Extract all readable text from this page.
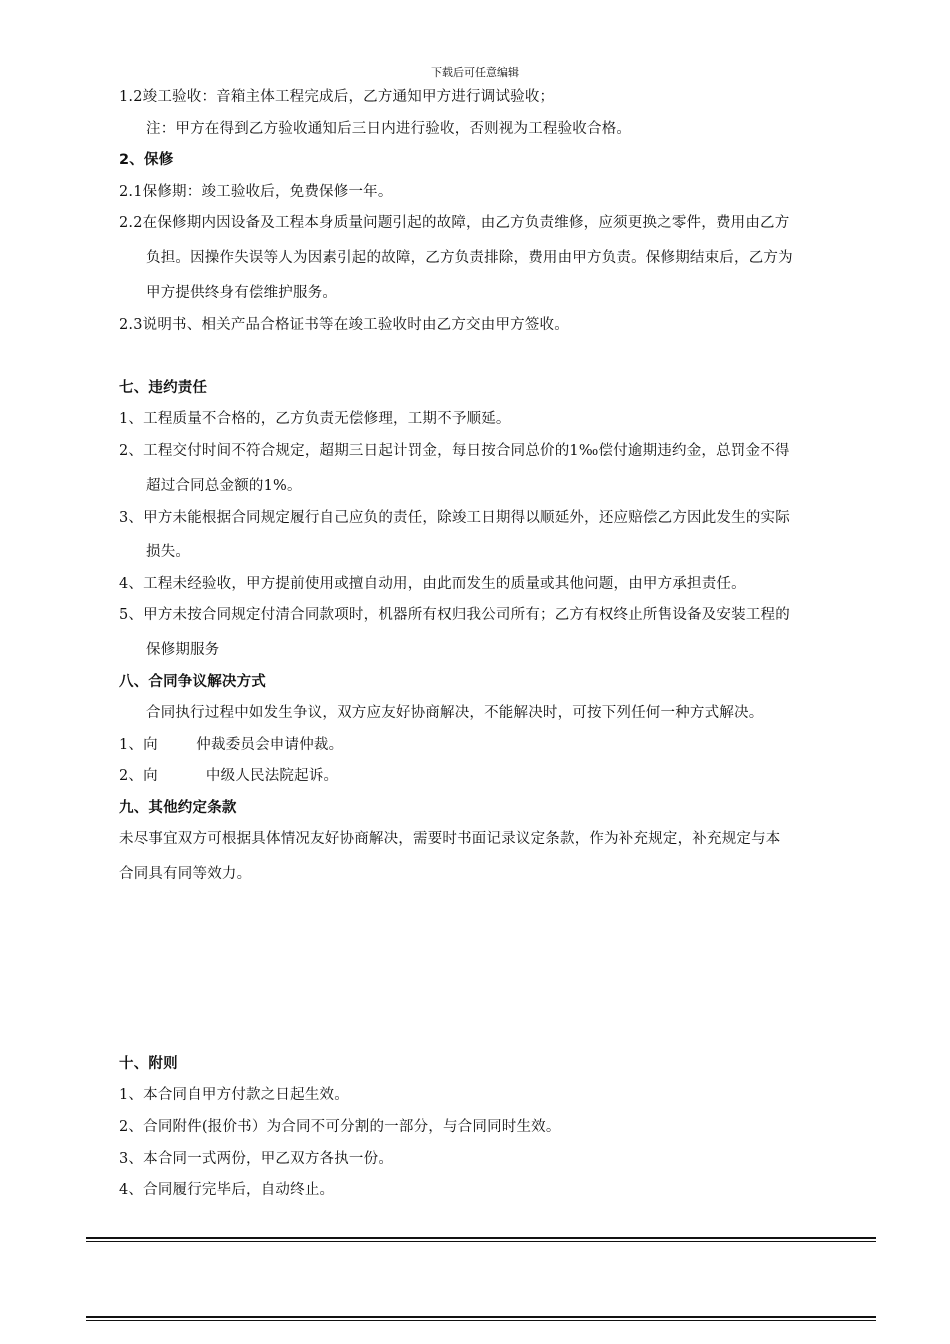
下载后可任意编辑
1.2竣工验收：音箱主体工程完成后，乙方通知甲方进行调试验收；
注：甲方在得到乙方验收通知后三日内进行验收，否则视为工程验收合格。
2、保修
2.1保修期：竣工验收后，免费保修一年。
2.2在保修期内因设备及工程本身质量问题引起的故障，由乙方负责维修，应须更换之零件，费用由乙方
负担。因操作失误等人为因素引起的故障，乙方负责排除，费用由甲方负责。保修期结束后，乙方为
甲方提供终身有偿维护服务。
2.3说明书、相关产品合格证书等在竣工验收时由乙方交由甲方签收。
七、违约责任
1、工程质量不合格的，乙方负责无偿修理，工期不予顺延。
2、工程交付时间不符合规定，超期三日起计罚金，每日按合同总价的1‰偿付逾期违约金，总罚金不得
超过合同总金额的1%。
3、甲方未能根据合同规定履行自己应负的责任，除竣工日期得以顺延外，还应赔偿乙方因此发生的实际
损失。
4、工程未经验收，甲方提前使用或擅自动用，由此而发生的质量或其他问题，由甲方承担责任。
5、甲方未按合同规定付清合同款项时，机器所有权归我公司所有；乙方有权终止所售设备及安装工程的
保修期服务
八、合同争议解决方式
合同执行过程中如发生争议，双方应友好协商解决，不能解决时，可按下列任何一种方式解决。
1、向        仲裁委员会申请仲裁。
2、向          中级人民法院起诉。
九、其他约定条款
未尽事宜双方可根据具体情况友好协商解决，需要时书面记录议定条款，作为补充规定，补充规定与本
合同具有同等效力。
十、附则
1、本合同自甲方付款之日起生效。
2、合同附件(报价书）为合同不可分割的一部分，与合同同时生效。
3、本合同一式两份，甲乙双方各执一份。
4、合同履行完毕后，自动终止。
